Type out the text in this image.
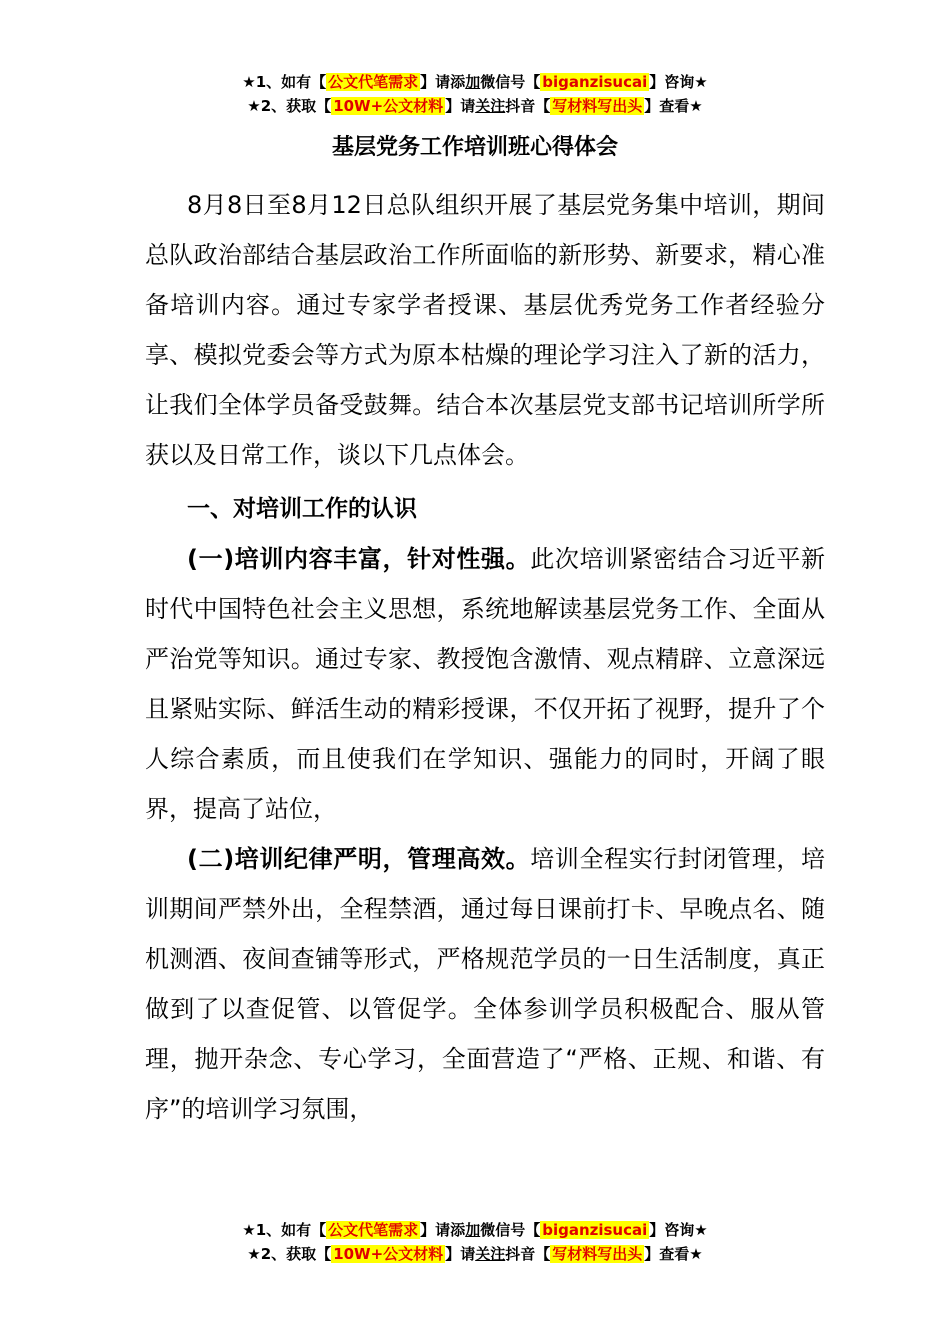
★1、如有【 公文代笔需求 】请添加微信号【 biganzisucai 】咨询★
★2、获取【 10W+公文材料 】请关注抖音【 写材料写出头 】查看★
基层党务工作培训班心得体会

8月8日至8月12日总队组织开展了基层党务集中培训，期间总队政治部结合基层政治工作所面临的新形势、新要求，精心准备培训内容。通过专家学者授课、基层优秀党务工作者经验分享、模拟党委会等方式为原本枯燥的理论学习注入了新的活力，让我们全体学员备受鼓舞。结合本次基层党支部书记培训所学所获以及日常工作，谈以下几点体会。

一、对培训工作的认识

(一)培训内容丰富，针对性强。此次培训紧密结合习近平新时代中国特色社会主义思想，系统地解读基层党务工作、全面从严治党等知识。通过专家、教授饱含激情、观点精辟、立意深远且紧贴实际、鲜活生动的精彩授课，不仅开拓了视野，提升了个人综合素质，而且使我们在学知识、强能力的同时，开阔了眼界，提高了站位，

(二)培训纪律严明，管理高效。培训全程实行封闭管理，培训期间严禁外出，全程禁酒，通过每日课前打卡、早晚点名、随机测酒、夜间查铺等形式，严格规范学员的一日生活制度，真正做到了以查促管、以管促学。全体参训学员积极配合、服从管理，抛开杂念、专心学习，全面营造了“严格、正规、和谐、有序”的培训学习氛围，

★1、如有【 公文代笔需求 】请添加微信号【 biganzisucai 】咨询★
★2、获取【 10W+公文材料 】请关注抖音【 写材料写出头 】查看★
